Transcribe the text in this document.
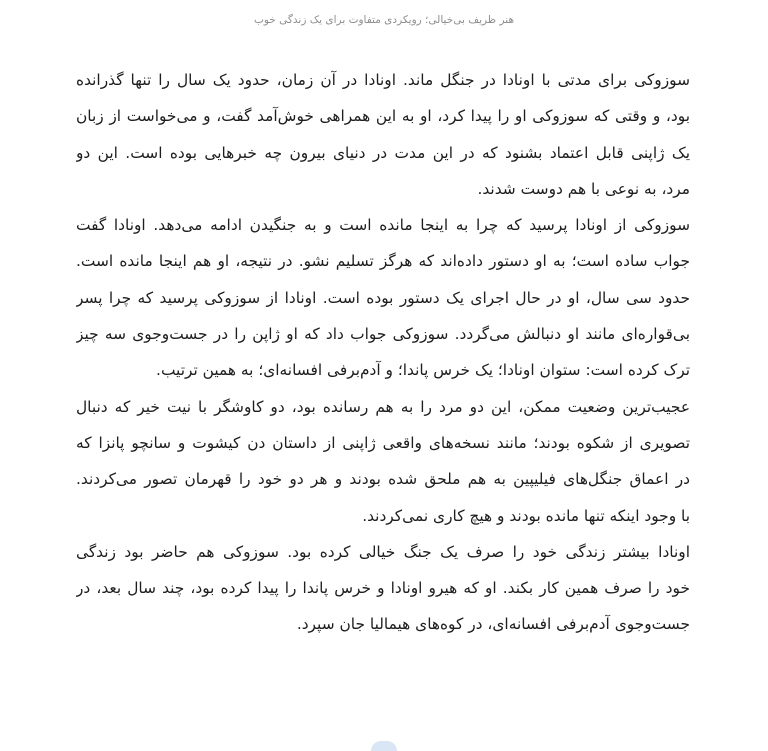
هنر ظریف بی‌خیالی؛ رویکردی متفاوت برای یک زندگی خوب
سوزوکی برای مدتی با اونادا در جنگل ماند. اونادا در آن زمان، حدود یک سال را تنها گذرانده
بود، و وقتی که سوزوکی او را پیدا کرد، او به این همراهی خوش‌آمد گفت، و می‌خواست از زبان
یک ژاپنی قابل اعتماد بشنود که در این مدت در دنیای بیرون چه خبرهایی بوده است. این دو
مرد، به نوعی با هم دوست شدند.
سوزوکی از اونادا پرسید که چرا به اینجا مانده است و به جنگیدن ادامه می‌دهد. اونادا گفت
جواب ساده است؛ به او دستور داده‌اند که هرگز تسلیم نشو. در نتیجه، او هم اینجا مانده است.
حدود سی سال، او در حال اجرای یک دستور بوده است. اونادا از سوزوکی پرسید که چرا پسر
بی‌قواره‌ای مانند او دنبالش می‌گردد. سوزوکی جواب داد که او ژاپن را در جست‌وجوی سه چیز
ترک کرده است: ستوان اونادا؛ یک خرس پاندا؛ و آدم‌برفی افسانه‌ای؛ به همین ترتیب.
عجیب‌ترین وضعیت ممکن، این دو مرد را به هم رسانده بود، دو کاوشگر با نیت خیر که دنبال
تصویری از شکوه بودند؛ مانند نسخه‌های واقعی ژاپنی از داستان دن کیشوت و سانچو پانزا که
در اعماق جنگل‌های فیلیپین به هم ملحق شده بودند و هر دو خود را قهرمان تصور می‌کردند.
با وجود اینکه تنها مانده بودند و هیچ کاری نمی‌کردند.
اونادا بیشتر زندگی خود را صرف یک جنگ خیالی کرده بود. سوزوکی هم حاضر بود زندگی
خود را صرف همین کار بکند. او که هیرو اونادا و خرس پاندا را پیدا کرده بود، چند سال بعد، در
جست‌وجوی آدم‌برفی افسانه‌ای، در کوه‌های هیمالیا جان سپرد.
